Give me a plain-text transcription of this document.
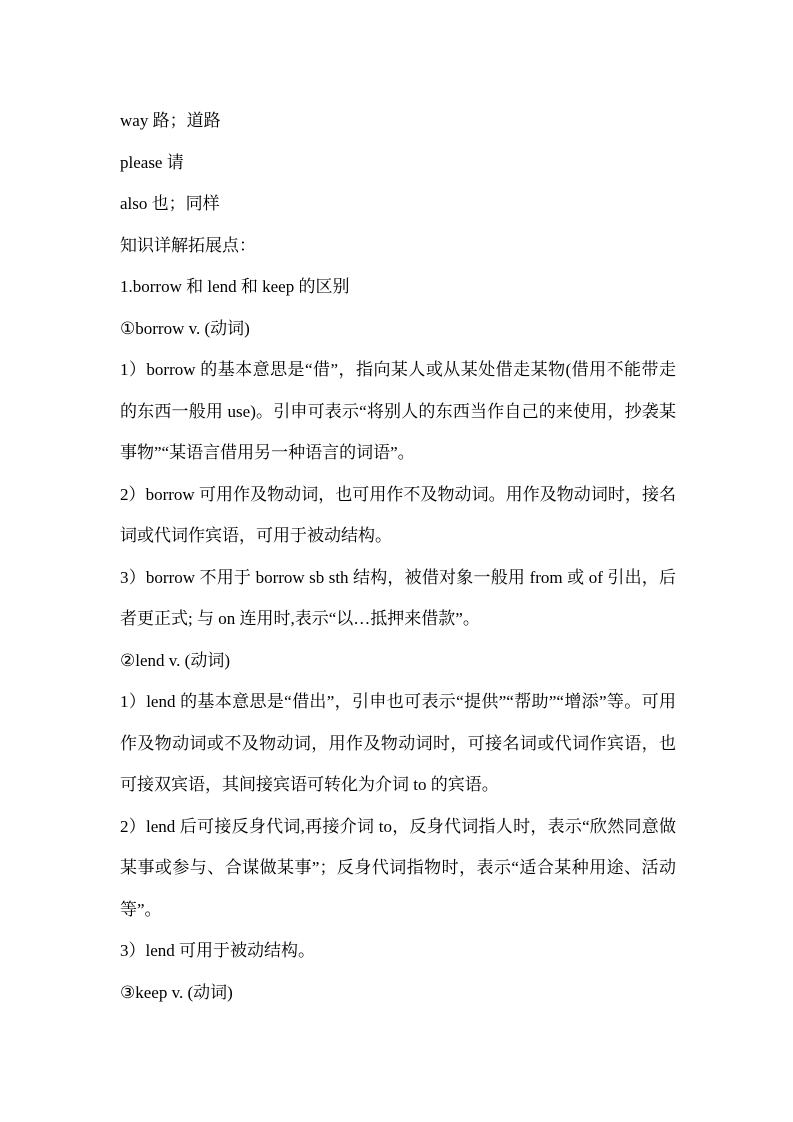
way 路；道路

please 请

also 也；同样

知识详解拓展点：

1.borrow 和 lend 和 keep 的区别

①borrow v. (动词)

1）borrow 的基本意思是“借”，指向某人或从某处借走某物(借用不能带走的东西一般用 use)。引申可表示“将别人的东西当作自己的来使用，抄袭某事物”“某语言借用另一种语言的词语”。

2）borrow 可用作及物动词，也可用作不及物动词。用作及物动词时，接名词或代词作宾语，可用于被动结构。

3）borrow 不用于 borrow sb sth 结构，被借对象一般用 from 或 of 引出，后者更正式; 与 on 连用时,表示“以…抵押来借款”。

②lend v. (动词)

1）lend 的基本意思是“借出”，引申也可表示“提供”“帮助”“增添”等。可用作及物动词或不及物动词，用作及物动词时，可接名词或代词作宾语，也可接双宾语，其间接宾语可转化为介词 to 的宾语。

2）lend 后可接反身代词,再接介词 to，反身代词指人时，表示“欣然同意做某事或参与、合谋做某事”；反身代词指物时，表示“适合某种用途、活动等”。

3）lend 可用于被动结构。

③keep v. (动词)
